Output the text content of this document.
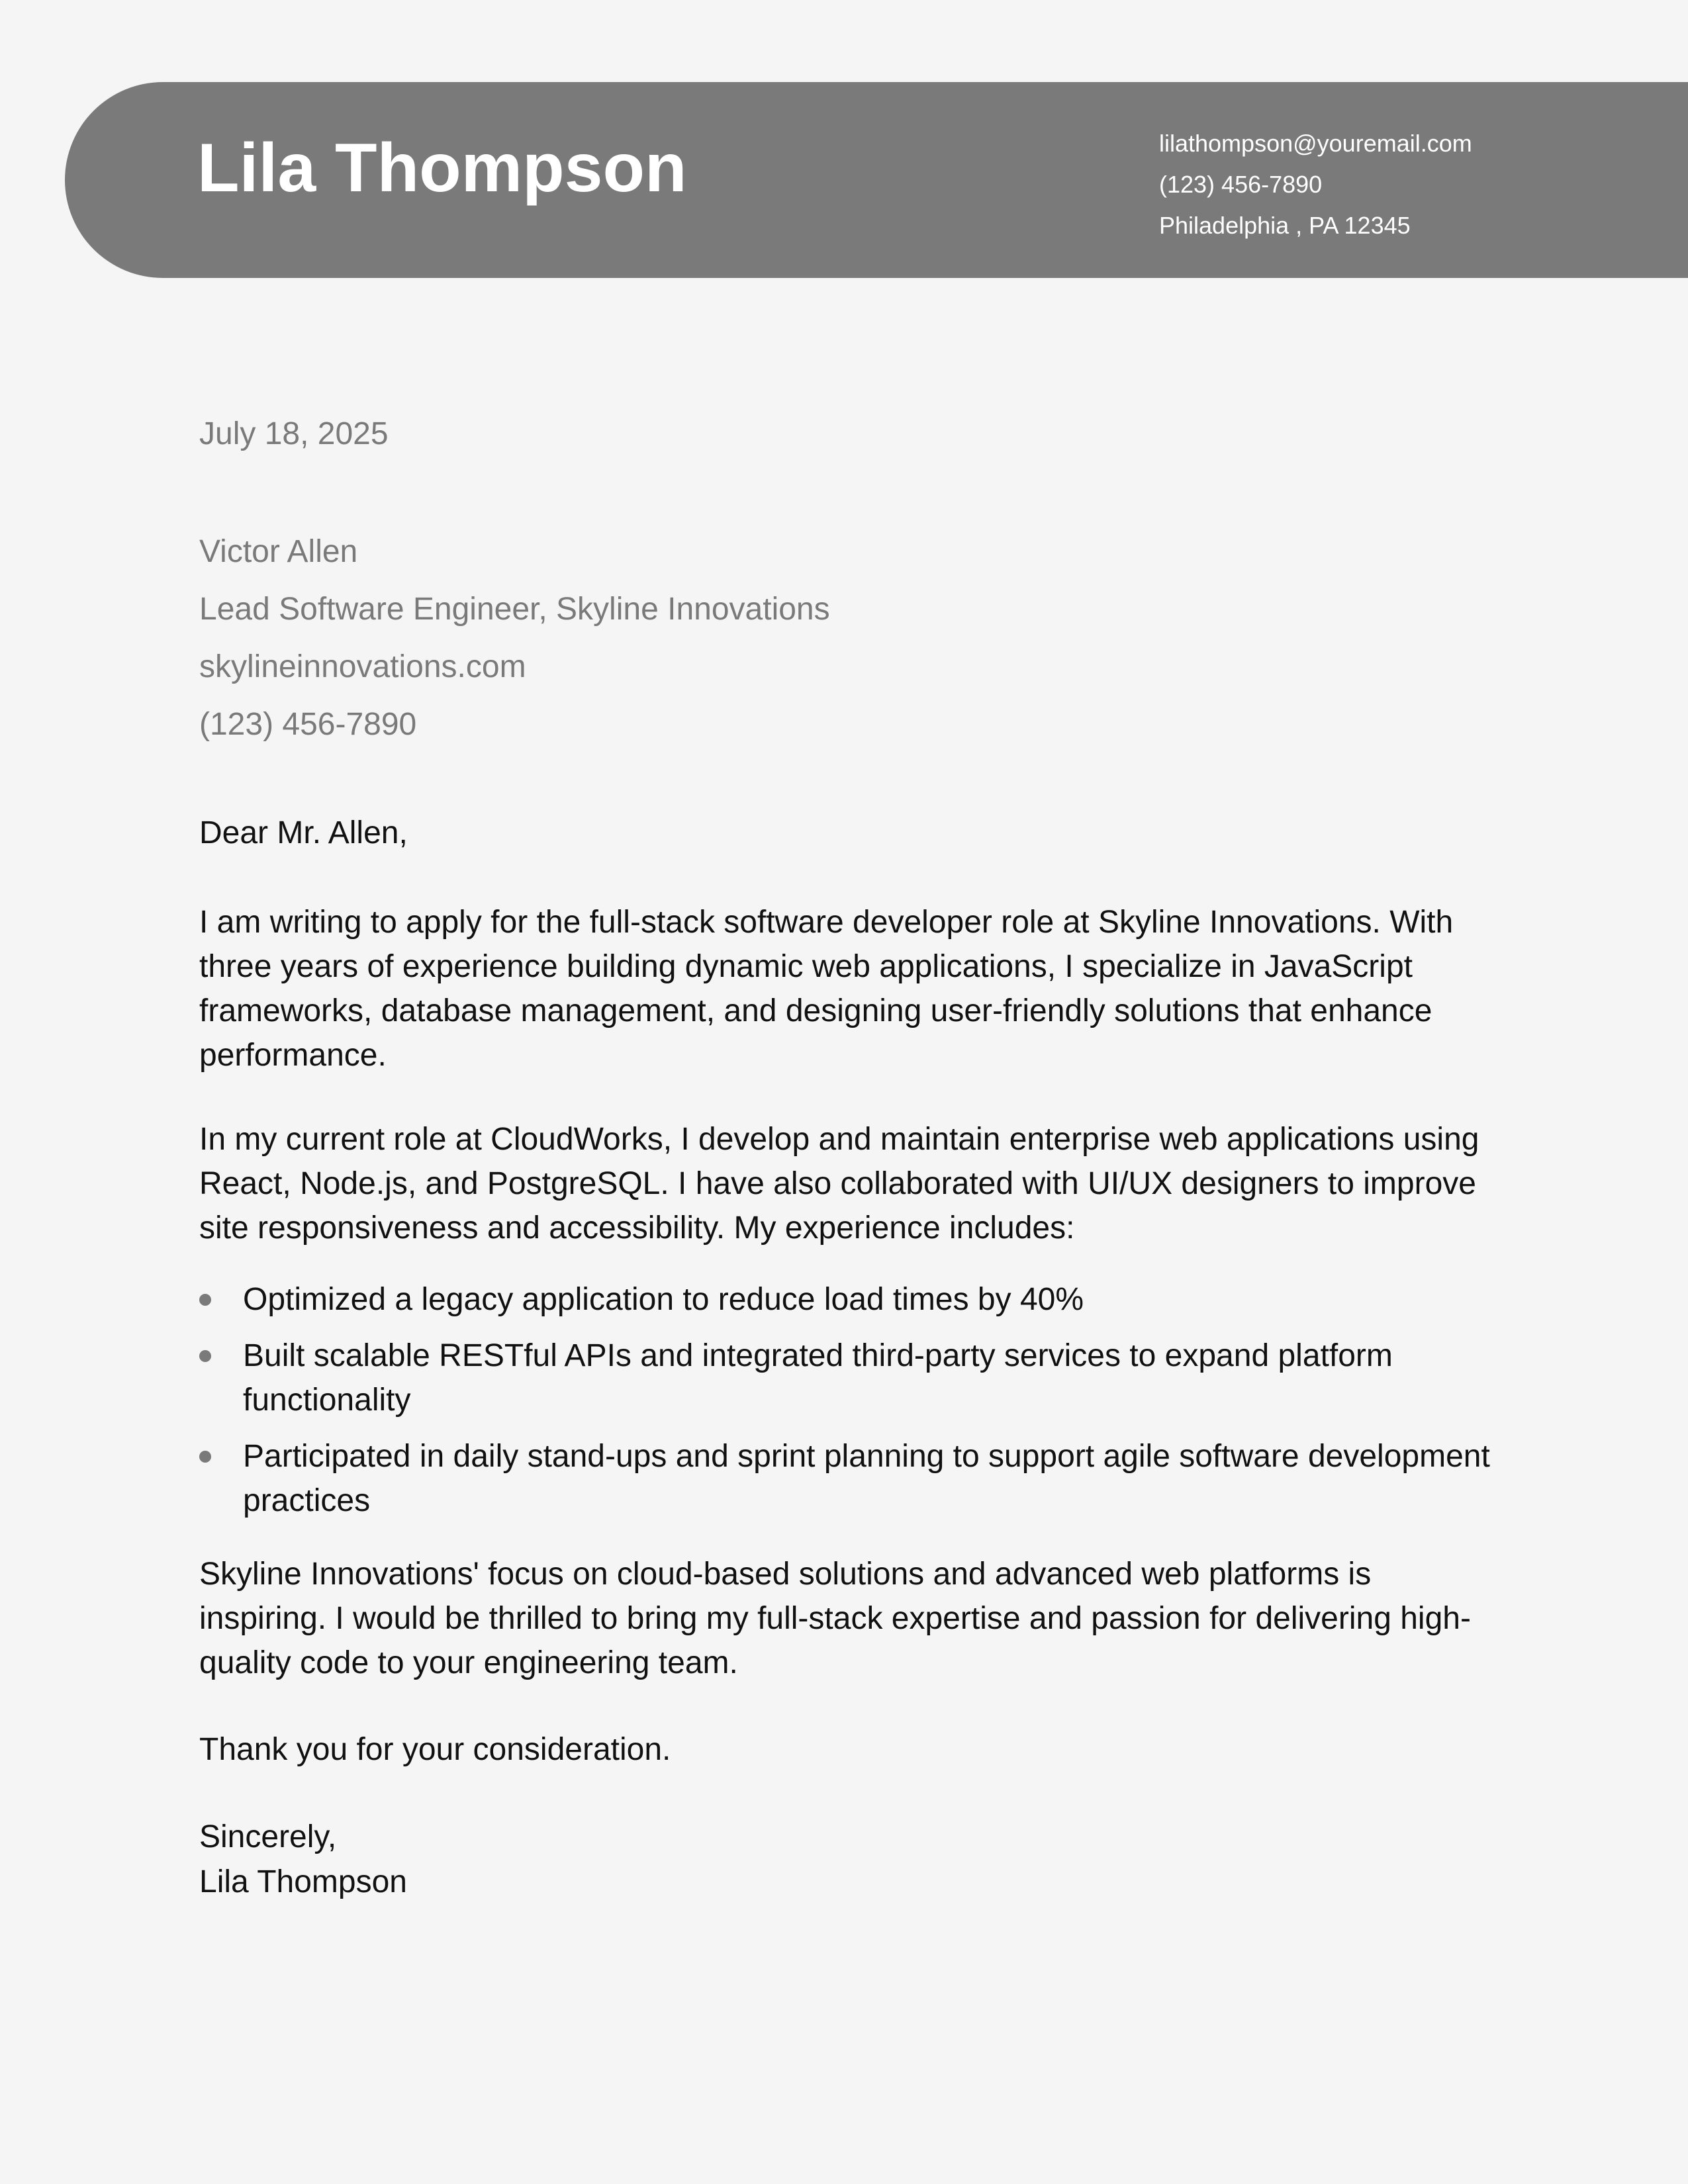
Lila Thompson	lilathompson@youremail.com
(123) 456-7890
Philadelphia , PA 12345
July 18, 2025
Victor Allen
Lead Software Engineer, Skyline Innovations
skylineinnovations.com
(123) 456-7890

Dear Mr. Allen,

I am writing to apply for the full-stack software developer role at Skyline Innovations. With three years of experience building dynamic web applications, I specialize in JavaScript frameworks, database management, and designing user-friendly solutions that enhance performance.

In my current role at CloudWorks, I develop and maintain enterprise web applications using React, Node.js, and PostgreSQL. I have also collaborated with UI/UX designers to improve site responsiveness and accessibility. My experience includes:

Optimized a legacy application to reduce load times by 40%
Built scalable RESTful APIs and integrated third-party services to expand platform functionality
Participated in daily stand-ups and sprint planning to support agile software development practices

Skyline Innovations' focus on cloud-based solutions and advanced web platforms is inspiring. I would be thrilled to bring my full-stack expertise and passion for delivering high-quality code to your engineering team.

Thank you for your consideration.

Sincerely,

Lila Thompson
